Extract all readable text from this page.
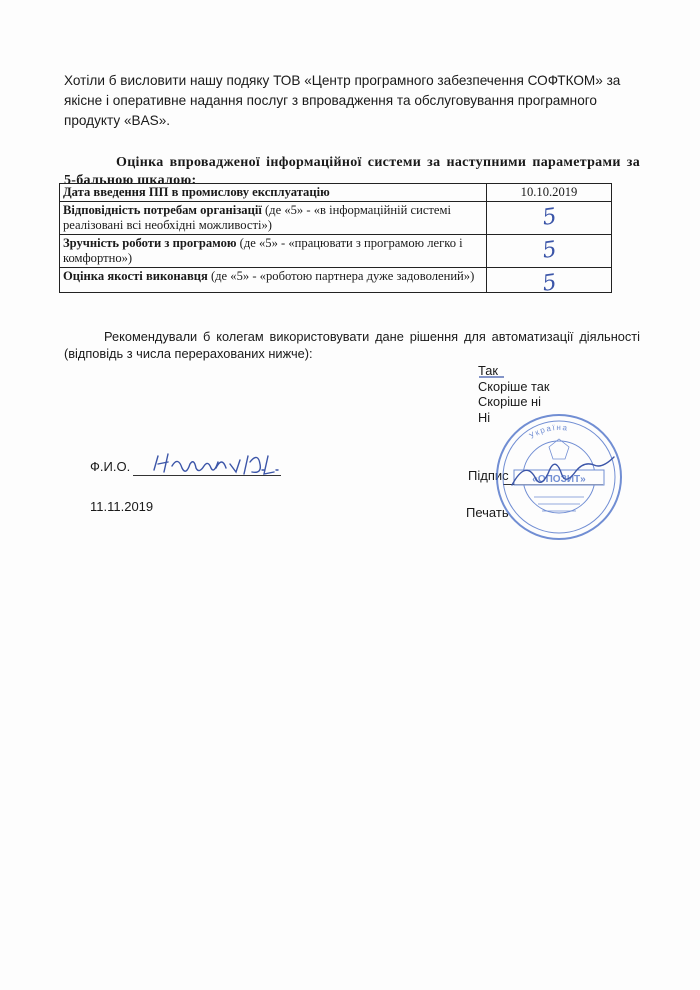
Хотіли б висловити нашу подяку ТОВ «Центр програмного забезпечення СОФТКОМ» за якісне і оперативне надання послуг з впровадження та обслуговування програмного продукту «BAS».
Оцінка впровадженої інформаційної системи за наступними параметрами за 5-бальною шкалою:
Дата введення ПП в промислову експлуатацію	10.10.2019
Відповідність потребам організації (де «5» - «в інформаційній системі реалізовані всі необхідні можливості»)	5
Зручність роботи з програмою (де «5» - «працювати з програмою легко і комфортно»)	5
Оцінка якості виконавця (де «5» - «роботою партнера дуже задоволений»)	5
Рекомендували б колегам використовувати дане рішення для автоматизації діяльності (відповідь з числа перерахованих нижче):
Так
Скоріше так
Скоріше ні
Ні
Ф.И.О.
11.11.2019
Підпис
Печать
Україна
«ОПОЗИТ»
